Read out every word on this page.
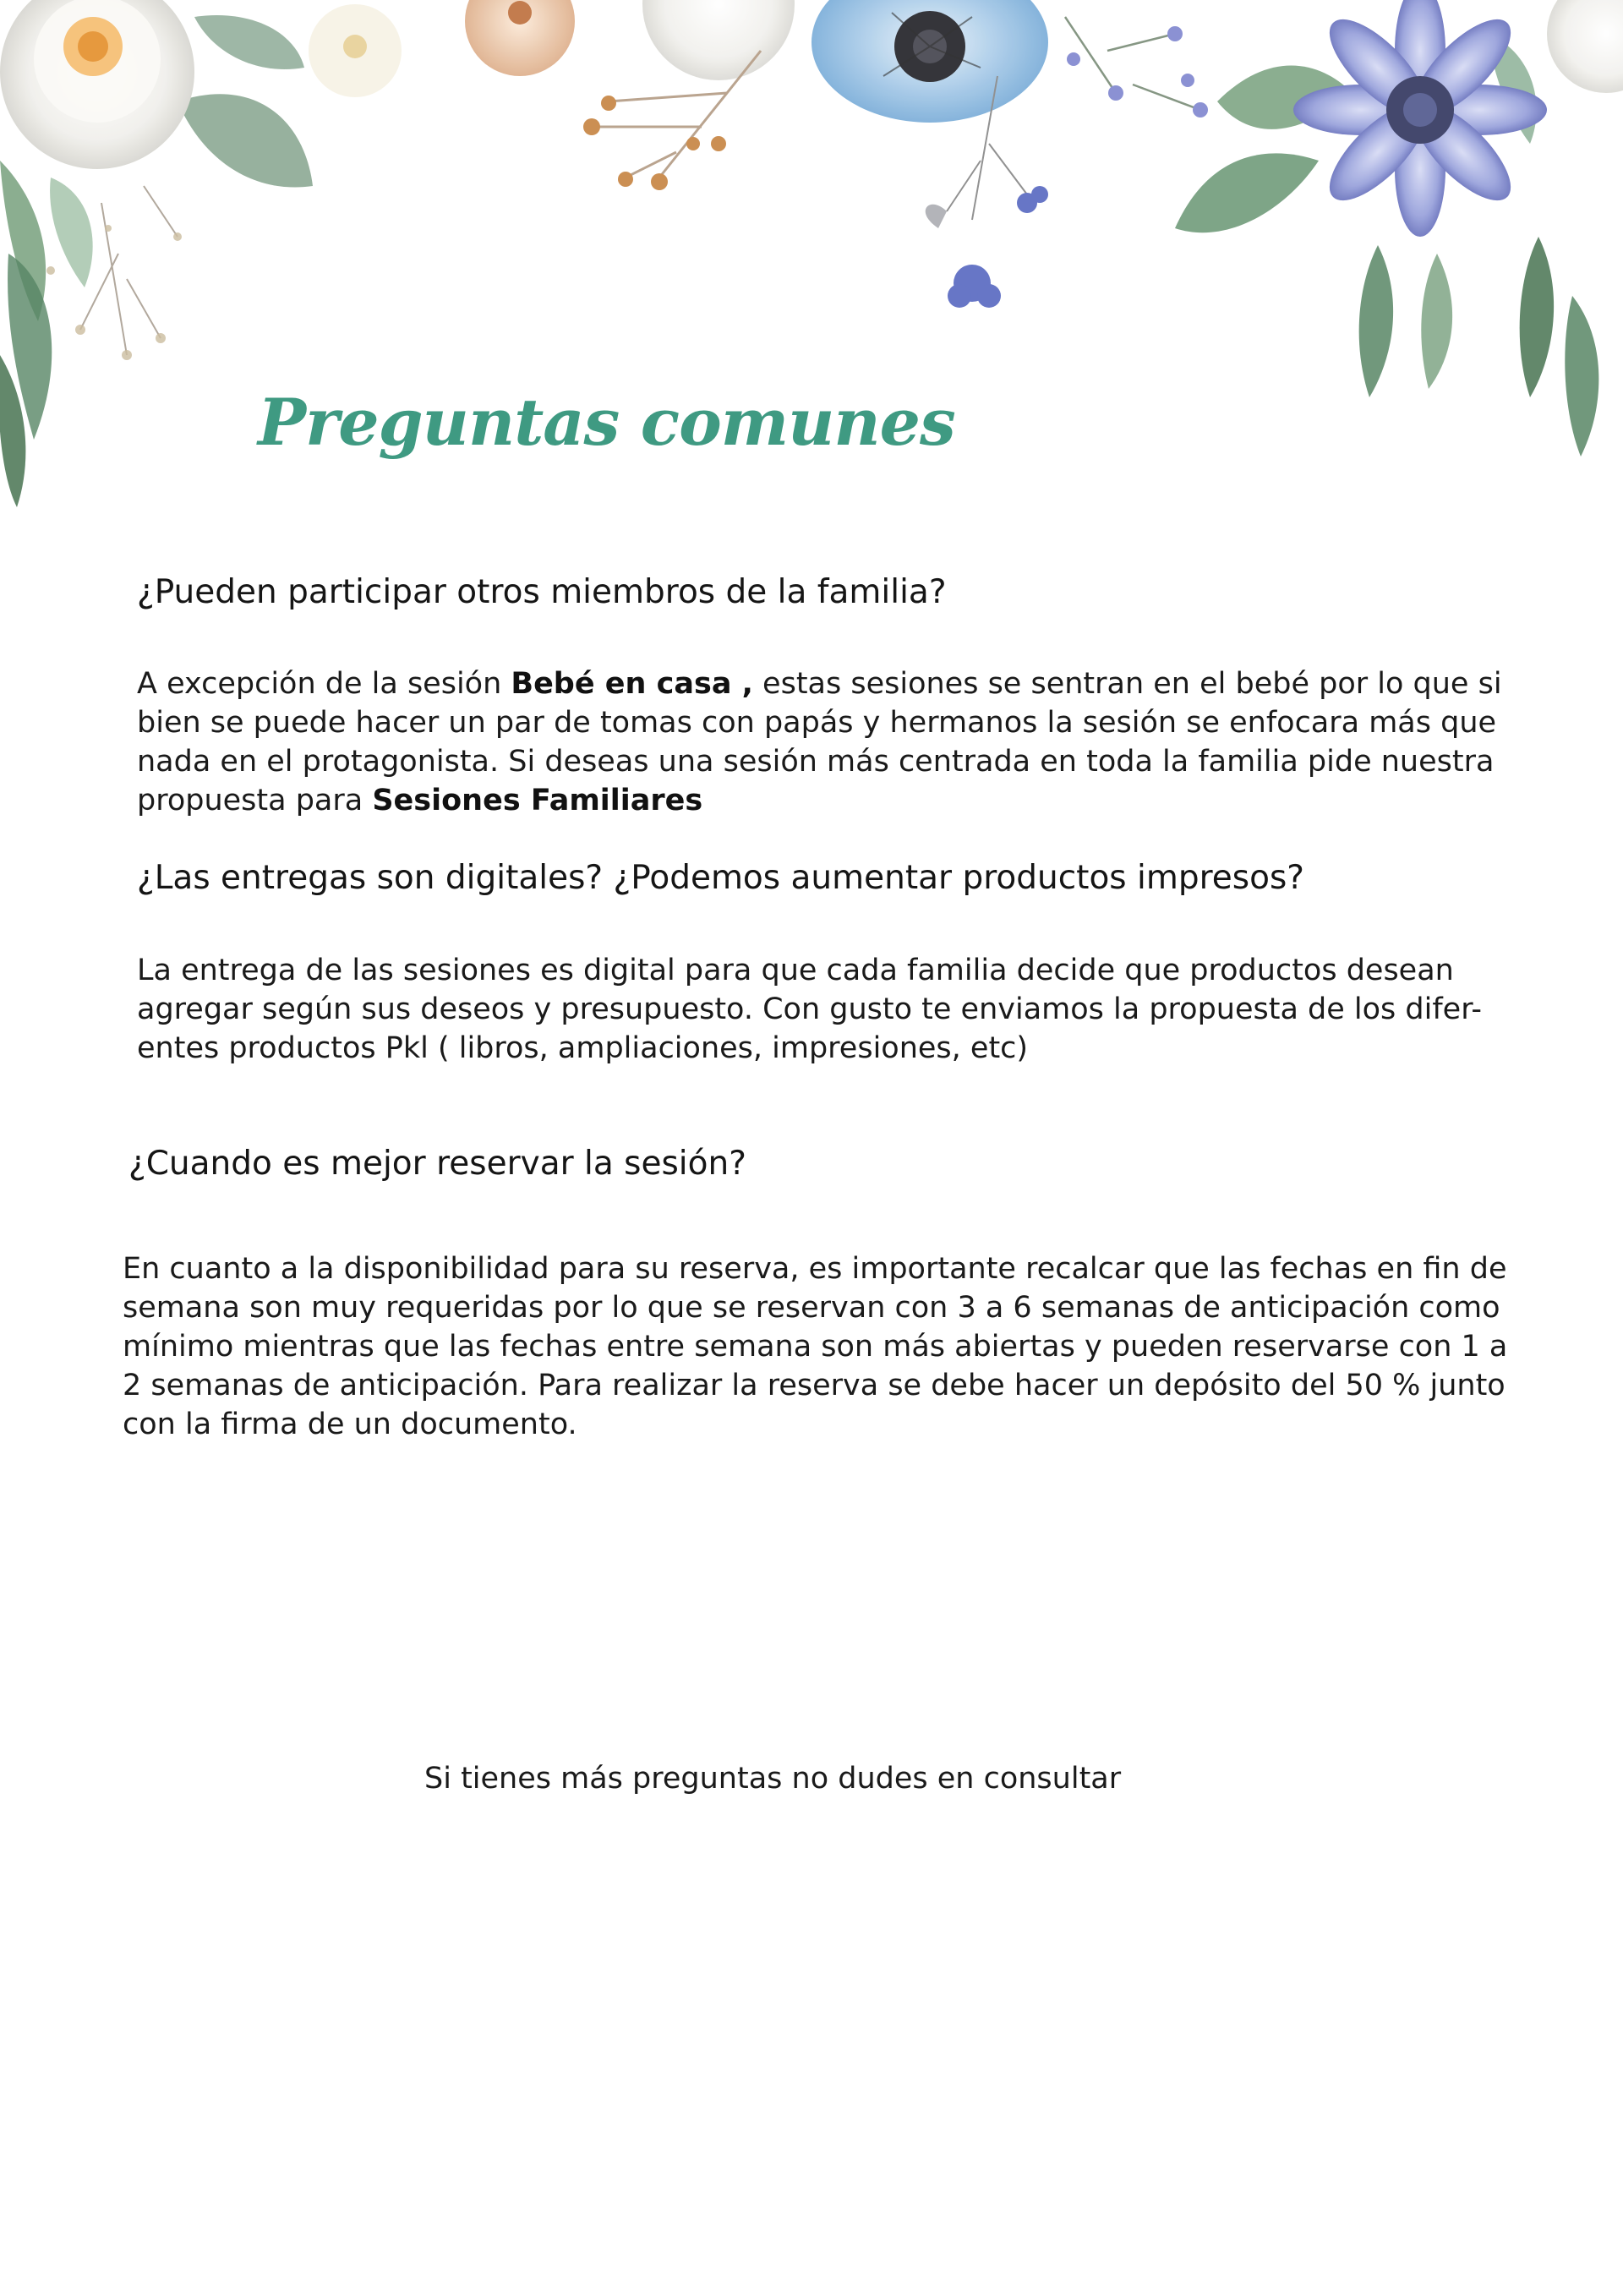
Preguntas comunes
¿Pueden participar otros miembros de la familia?
A excepción de la sesión Bebé en casa , estas sesiones se sentran en el bebé por lo que si
bien se puede hacer un par de tomas con papás y hermanos la sesión se enfocara más que
nada en el protagonista. Si deseas una sesión más centrada en toda la familia pide nuestra
propuesta para Sesiones Familiares
¿Las entregas son digitales? ¿Podemos aumentar productos impresos?
La entrega de las sesiones es digital para que cada familia decide que productos desean
agregar según sus deseos y presupuesto. Con gusto te enviamos la propuesta de los difer-
entes productos Pkl ( libros, ampliaciones, impresiones, etc)
¿Cuando es mejor reservar la sesión?
En cuanto a la disponibilidad para su reserva, es importante recalcar que las fechas en fin de
semana son muy requeridas por lo que se reservan con 3 a 6 semanas de anticipación como
mínimo mientras que las fechas entre semana son más abiertas y pueden reservarse con 1 a
2 semanas de anticipación. Para realizar la reserva se debe hacer un depósito del 50 % junto
con la firma de un documento.

Si tienes más preguntas no dudes en consultar
